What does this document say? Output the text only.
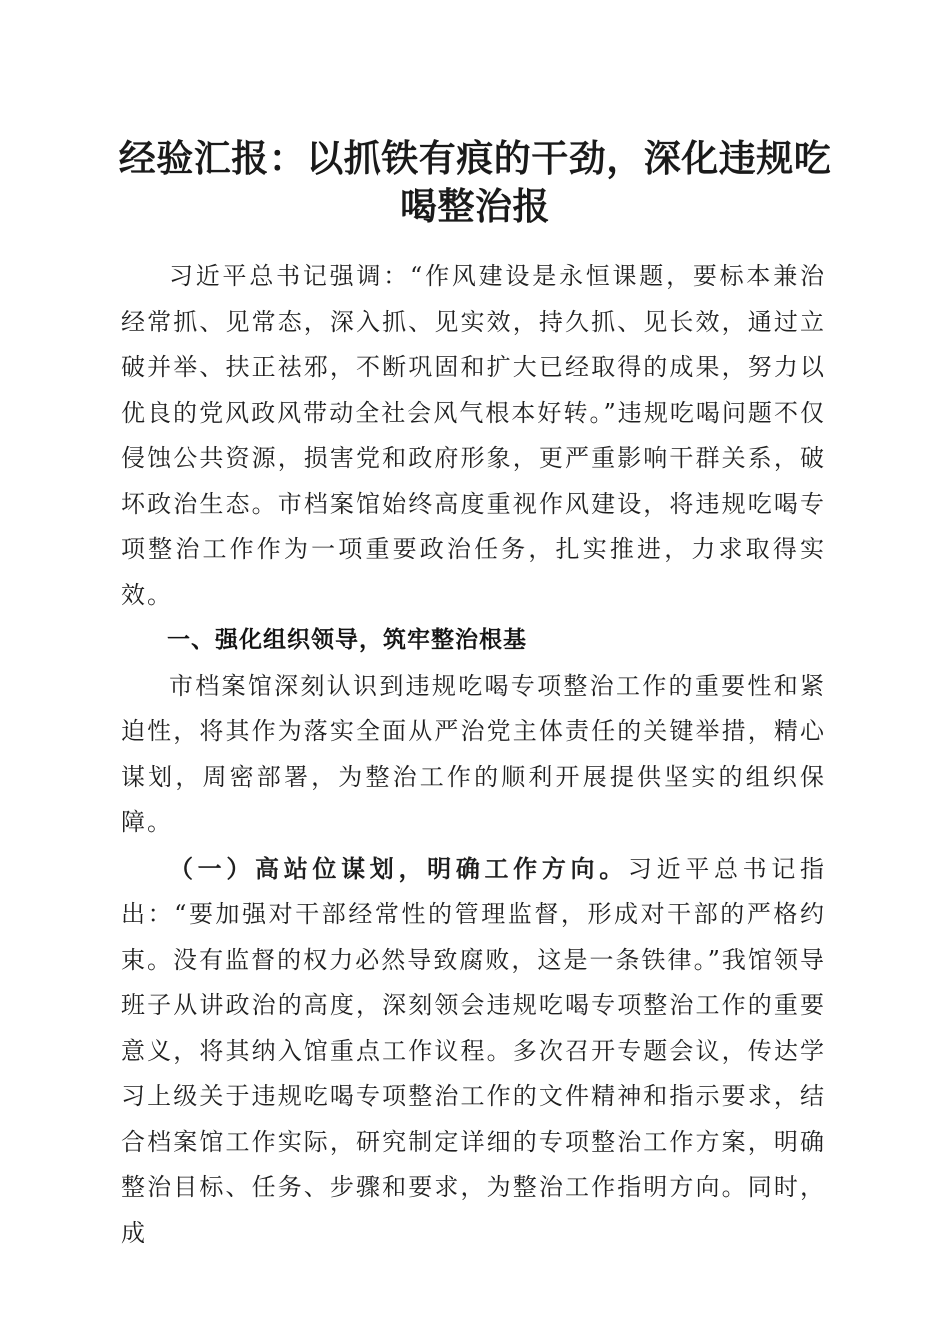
经验汇报：以抓铁有痕的干劲，深化违规吃喝整治报

习近平总书记强调：“作风建设是永恒课题，要标本兼治经常抓、见常态，深入抓、见实效，持久抓、见长效，通过立破并举、扶正祛邪，不断巩固和扩大已经取得的成果，努力以优良的党风政风带动全社会风气根本好转。”违规吃喝问题不仅侵蚀公共资源，损害党和政府形象，更严重影响干群关系，破坏政治生态。市档案馆始终高度重视作风建设，将违规吃喝专项整治工作作为一项重要政治任务，扎实推进，力求取得实效。

一、强化组织领导，筑牢整治根基

市档案馆深刻认识到违规吃喝专项整治工作的重要性和紧迫性，将其作为落实全面从严治党主体责任的关键举措，精心谋划，周密部署，为整治工作的顺利开展提供坚实的组织保障。

（一）高站位谋划，明确工作方向。习近平总书记指出：“要加强对干部经常性的管理监督，形成对干部的严格约束。没有监督的权力必然导致腐败，这是一条铁律。”我馆领导班子从讲政治的高度，深刻领会违规吃喝专项整治工作的重要意义，将其纳入馆重点工作议程。多次召开专题会议，传达学习上级关于违规吃喝专项整治工作的文件精神和指示要求，结合档案馆工作实际，研究制定详细的专项整治工作方案，明确整治目标、任务、步骤和要求，为整治工作指明方向。同时，成
